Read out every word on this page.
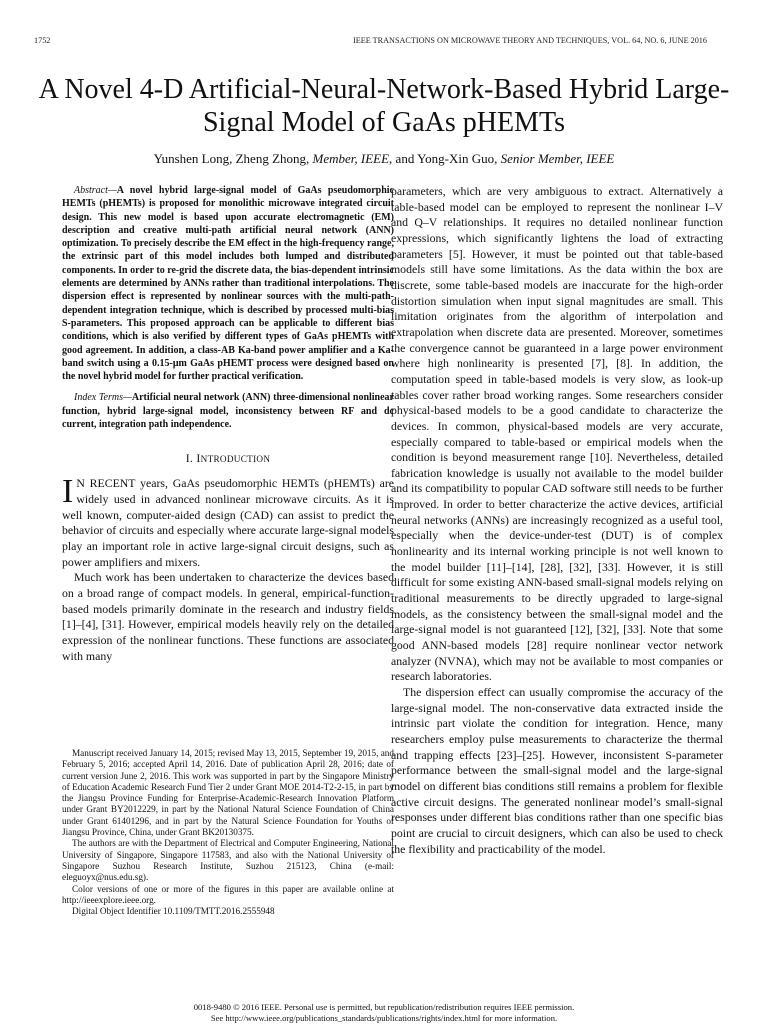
1752	IEEE TRANSACTIONS ON MICROWAVE THEORY AND TECHNIQUES, VOL. 64, NO. 6, JUNE 2016
A Novel 4-D Artificial-Neural-Network-Based Hybrid Large-Signal Model of GaAs pHEMTs
Yunshen Long, Zheng Zhong, Member, IEEE, and Yong-Xin Guo, Senior Member, IEEE

Abstract—A novel hybrid large-signal model of GaAs pseudomorphic HEMTs (pHEMTs) is proposed for monolithic microwave integrated circuit design. This new model is based upon accurate electromagnetic (EM) description and creative multi-path artificial neural network (ANN) optimization. To precisely describe the EM effect in the high-frequency range, the extrinsic part of this model includes both lumped and distributed components. In order to re-grid the discrete data, the bias-dependent intrinsic elements are determined by ANNs rather than traditional interpolations. The dispersion effect is represented by nonlinear sources with the multi-path-dependent integration technique, which is described by processed multi-bias S-parameters. This proposed approach can be applicable to different bias conditions, which is also verified by different types of GaAs pHEMTs with good agreement. In addition, a class-AB Ka-band power amplifier and a Ka-band switch using a 0.15-μm GaAs pHEMT process were designed based on the novel hybrid model for further practical verification.

Index Terms—Artificial neural network (ANN) three-dimensional nonlinear function, hybrid large-signal model, inconsistency between RF and dc current, integration path independence.

I. INTRODUCTION

I N RECENT years, GaAs pseudomorphic HEMTs (pHEMTs) are widely used in advanced nonlinear microwave circuits. As it is well known, computer-aided design (CAD) can assist to predict the behavior of circuits and especially where accurate large-signal models play an important role in active large-signal circuit designs, such as power amplifiers and mixers.

Much work has been undertaken to characterize the devices based on a broad range of compact models. In general, empirical-function-based models primarily dominate in the research and industry fields [1]–[4], [31]. However, empirical models heavily rely on the detailed expression of the nonlinear functions. These functions are associated with many

Manuscript received January 14, 2015; revised May 13, 2015, September 19, 2015, and February 5, 2016; accepted April 14, 2016. Date of publication April 28, 2016; date of current version June 2, 2016. This work was supported in part by the Singapore Ministry of Education Academic Research Fund Tier 2 under Grant MOE 2014-T2-2-15, in part by the Jiangsu Province Funding for Enterprise-Academic-Research Innovation Platform under Grant BY2012229, in part by the National Natural Science Foundation of China under Grant 61401296, and in part by the Natural Science Foundation for Youths of Jiangsu Province, China, under Grant BK20130375.

The authors are with the Department of Electrical and Computer Engineering, National University of Singapore, Singapore 117583, and also with the National University of Singapore Suzhou Research Institute, Suzhou 215123, China (e-mail: eleguoyx@nus.edu.sg).

Color versions of one or more of the figures in this paper are available online at http://ieeexplore.ieee.org.

Digital Object Identifier 10.1109/TMTT.2016.2555948

parameters, which are very ambiguous to extract. Alternatively a table-based model can be employed to represent the nonlinear I–V and Q–V relationships. It requires no detailed nonlinear function expressions, which significantly lightens the load of extracting parameters [5]. However, it must be pointed out that table-based models still have some limitations. As the data within the box are discrete, some table-based models are inaccurate for the high-order distortion simulation when input signal magnitudes are small. This limitation originates from the algorithm of interpolation and extrapolation when discrete data are presented. Moreover, sometimes the convergence cannot be guaranteed in a large power environment where high nonlinearity is presented [7], [8]. In addition, the computation speed in table-based models is very slow, as look-up tables cover rather broad working ranges. Some researchers consider physical-based models to be a good candidate to characterize the devices. In common, physical-based models are very accurate, especially compared to table-based or empirical models when the condition is beyond measurement range [10]. Nevertheless, detailed fabrication knowledge is usually not available to the model builder and its compatibility to popular CAD software still needs to be further improved. In order to better characterize the active devices, artificial neural networks (ANNs) are increasingly recognized as a useful tool, especially when the device-under-test (DUT) is of complex nonlinearity and its internal working principle is not well known to the model builder [11]–[14], [28], [32], [33]. However, it is still difficult for some existing ANN-based small-signal models relying on traditional measurements to be directly upgraded to large-signal models, as the consistency between the small-signal model and the large-signal model is not guaranteed [12], [32], [33]. Note that some good ANN-based models [28] require nonlinear vector network analyzer (NVNA), which may not be available to most companies or research laboratories.

The dispersion effect can usually compromise the accuracy of the large-signal model. The non-conservative data extracted inside the intrinsic part violate the condition for integration. Hence, many researchers employ pulse measurements to characterize the thermal and trapping effects [23]–[25]. However, inconsistent S-parameter performance between the small-signal model and the large-signal model on different bias conditions still remains a problem for flexible active circuit designs. The generated nonlinear model’s small-signal responses under different bias conditions rather than one specific bias point are crucial to circuit designers, which can also be used to check the flexibility and practicability of the model.

0018-9480 © 2016 IEEE. Personal use is permitted, but republication/redistribution requires IEEE permission.
See http://www.ieee.org/publications_standards/publications/rights/index.html for more information.
